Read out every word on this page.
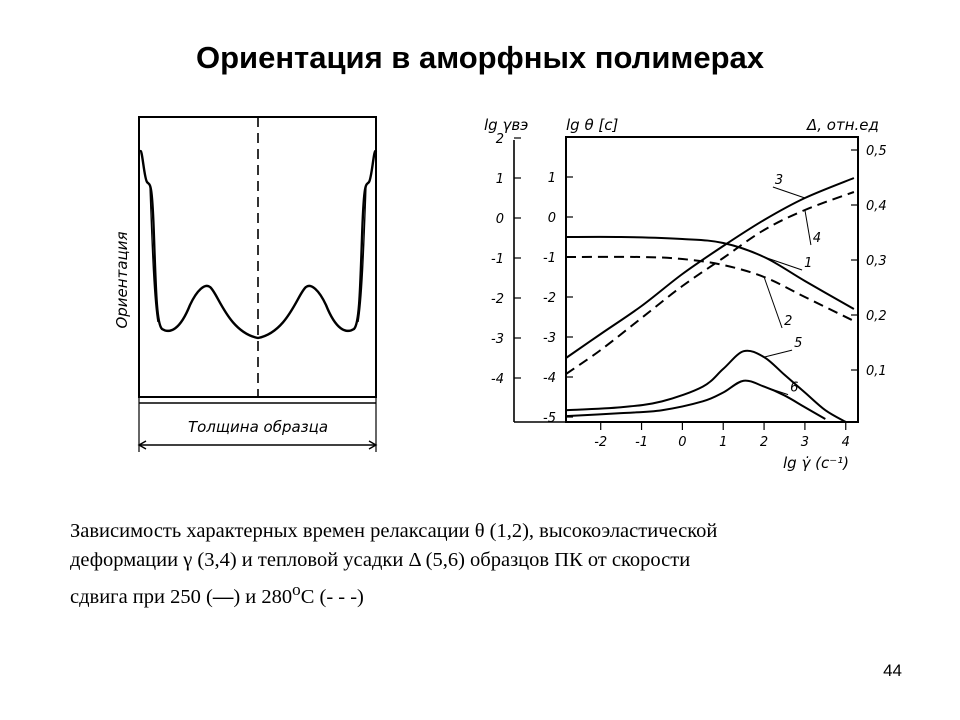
Ориентация в аморфных полимерах
Ориентация
Толщина образца
-2 -1 0	1	2	3	4
2
1
0
-1
-2
-3
-4
1
0
-1
-2
-3
-4
-5
0,5
0,4
0,3
0,2
0,1
3
4
1
2
5
6
lg γвэ	lg θ [c]	Δ, отн.ед
lg γ̇ (c⁻¹)
Зависимость характерных времен релаксации θ (1,2), высокоэластической
деформации γ (3,4) и тепловой усадки Δ (5,6) образцов ПК от скорости
сдвига при 250 (—) и 280$^o$С (- - -)
44
